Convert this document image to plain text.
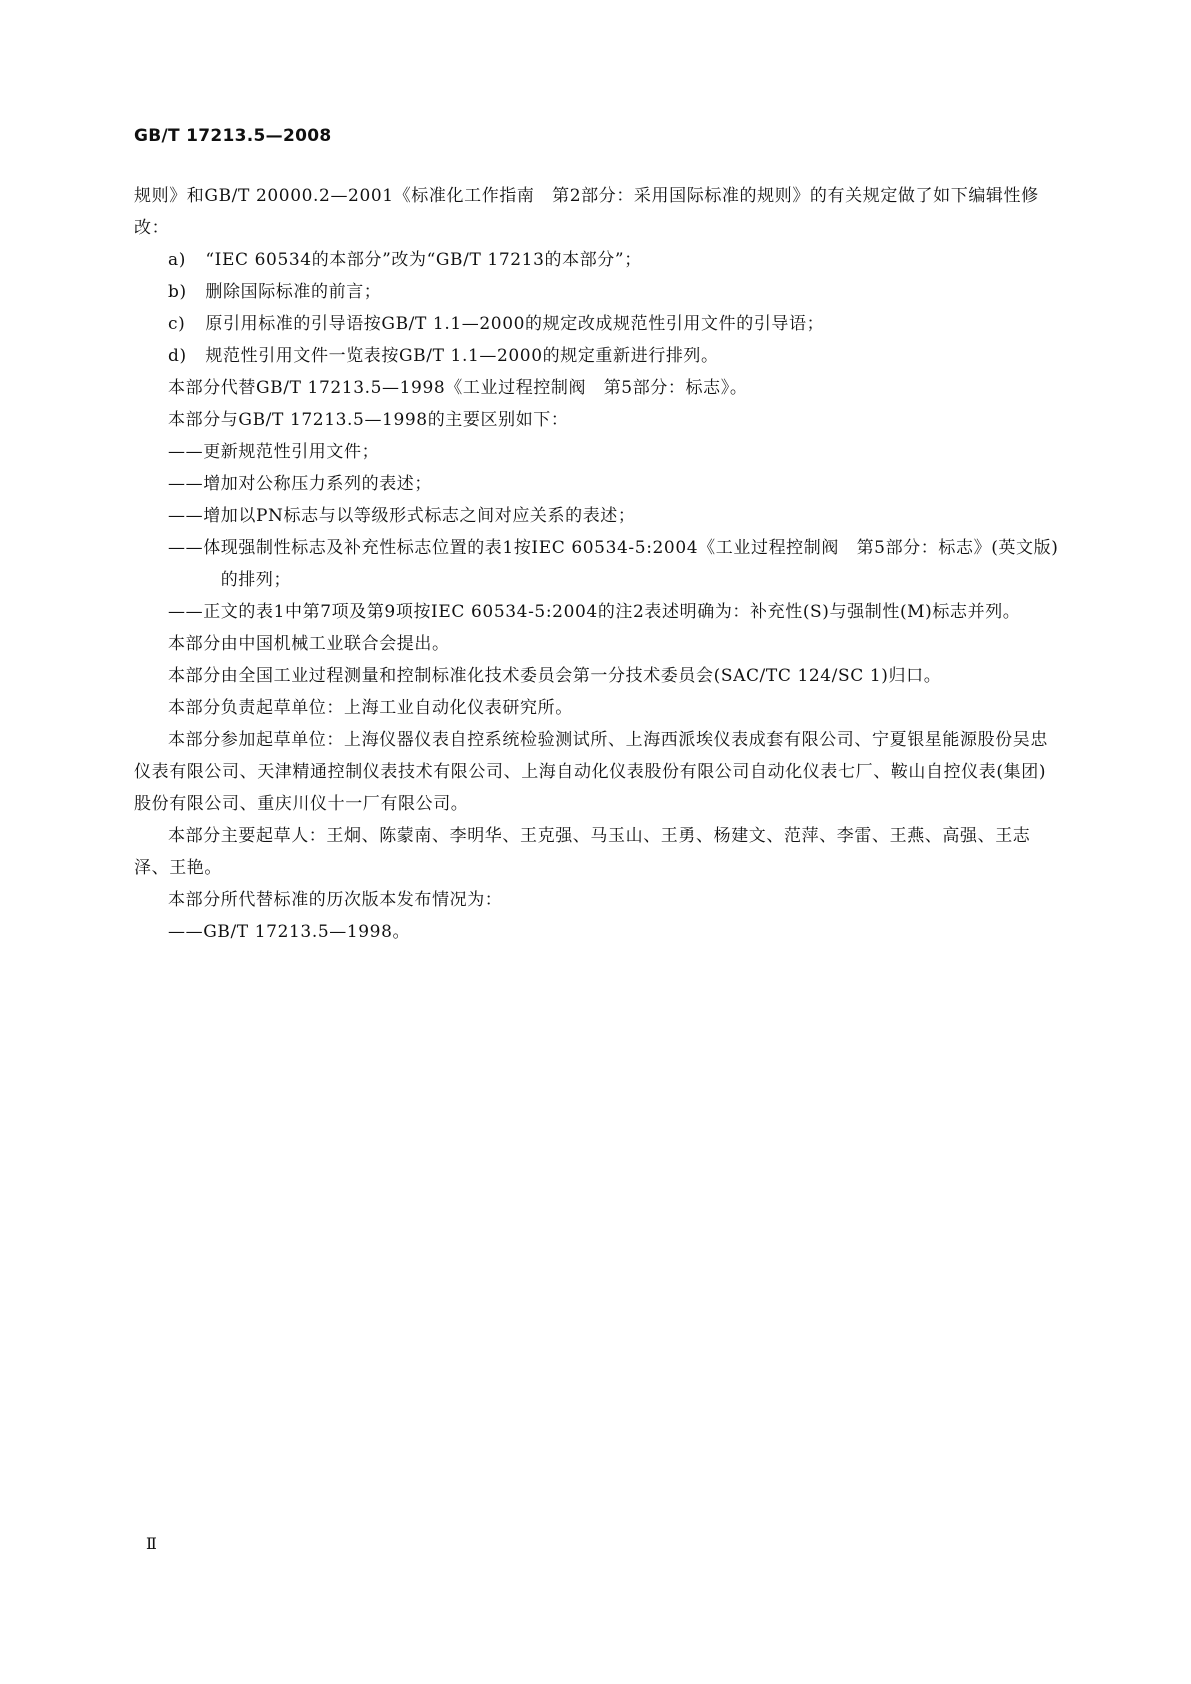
GB/T 17213.5—2008

规则》和GB/T 20000.2—2001《标准化工作指南　第2部分：采用国际标准的规则》的有关规定做了如下编辑性修改：

a) “IEC 60534的本部分”改为“GB/T 17213的本部分”；

b) 删除国际标准的前言；

c) 原引用标准的引导语按GB/T 1.1—2000的规定改成规范性引用文件的引导语；

d) 规范性引用文件一览表按GB/T 1.1—2000的规定重新进行排列。

本部分代替GB/T 17213.5—1998《工业过程控制阀　第5部分：标志》。

本部分与GB/T 17213.5—1998的主要区别如下：

——更新规范性引用文件；

——增加对公称压力系列的表述；

——增加以PN标志与以等级形式标志之间对应关系的表述；

——体现强制性标志及补充性标志位置的表1按IEC 60534-5:2004《工业过程控制阀　第5部分：标志》(英文版)的排列；

——正文的表1中第7项及第9项按IEC 60534-5:2004的注2表述明确为：补充性(S)与强制性(M)标志并列。

本部分由中国机械工业联合会提出。

本部分由全国工业过程测量和控制标准化技术委员会第一分技术委员会(SAC/TC 124/SC 1)归口。

本部分负责起草单位：上海工业自动化仪表研究所。

本部分参加起草单位：上海仪器仪表自控系统检验测试所、上海西派埃仪表成套有限公司、宁夏银星能源股份吴忠仪表有限公司、天津精通控制仪表技术有限公司、上海自动化仪表股份有限公司自动化仪表七厂、鞍山自控仪表(集团)股份有限公司、重庆川仪十一厂有限公司。

本部分主要起草人：王炯、陈蒙南、李明华、王克强、马玉山、王勇、杨建文、范萍、李雷、王燕、高强、王志泽、王艳。

本部分所代替标准的历次版本发布情况为：

——GB/T 17213.5—1998。

Ⅱ
